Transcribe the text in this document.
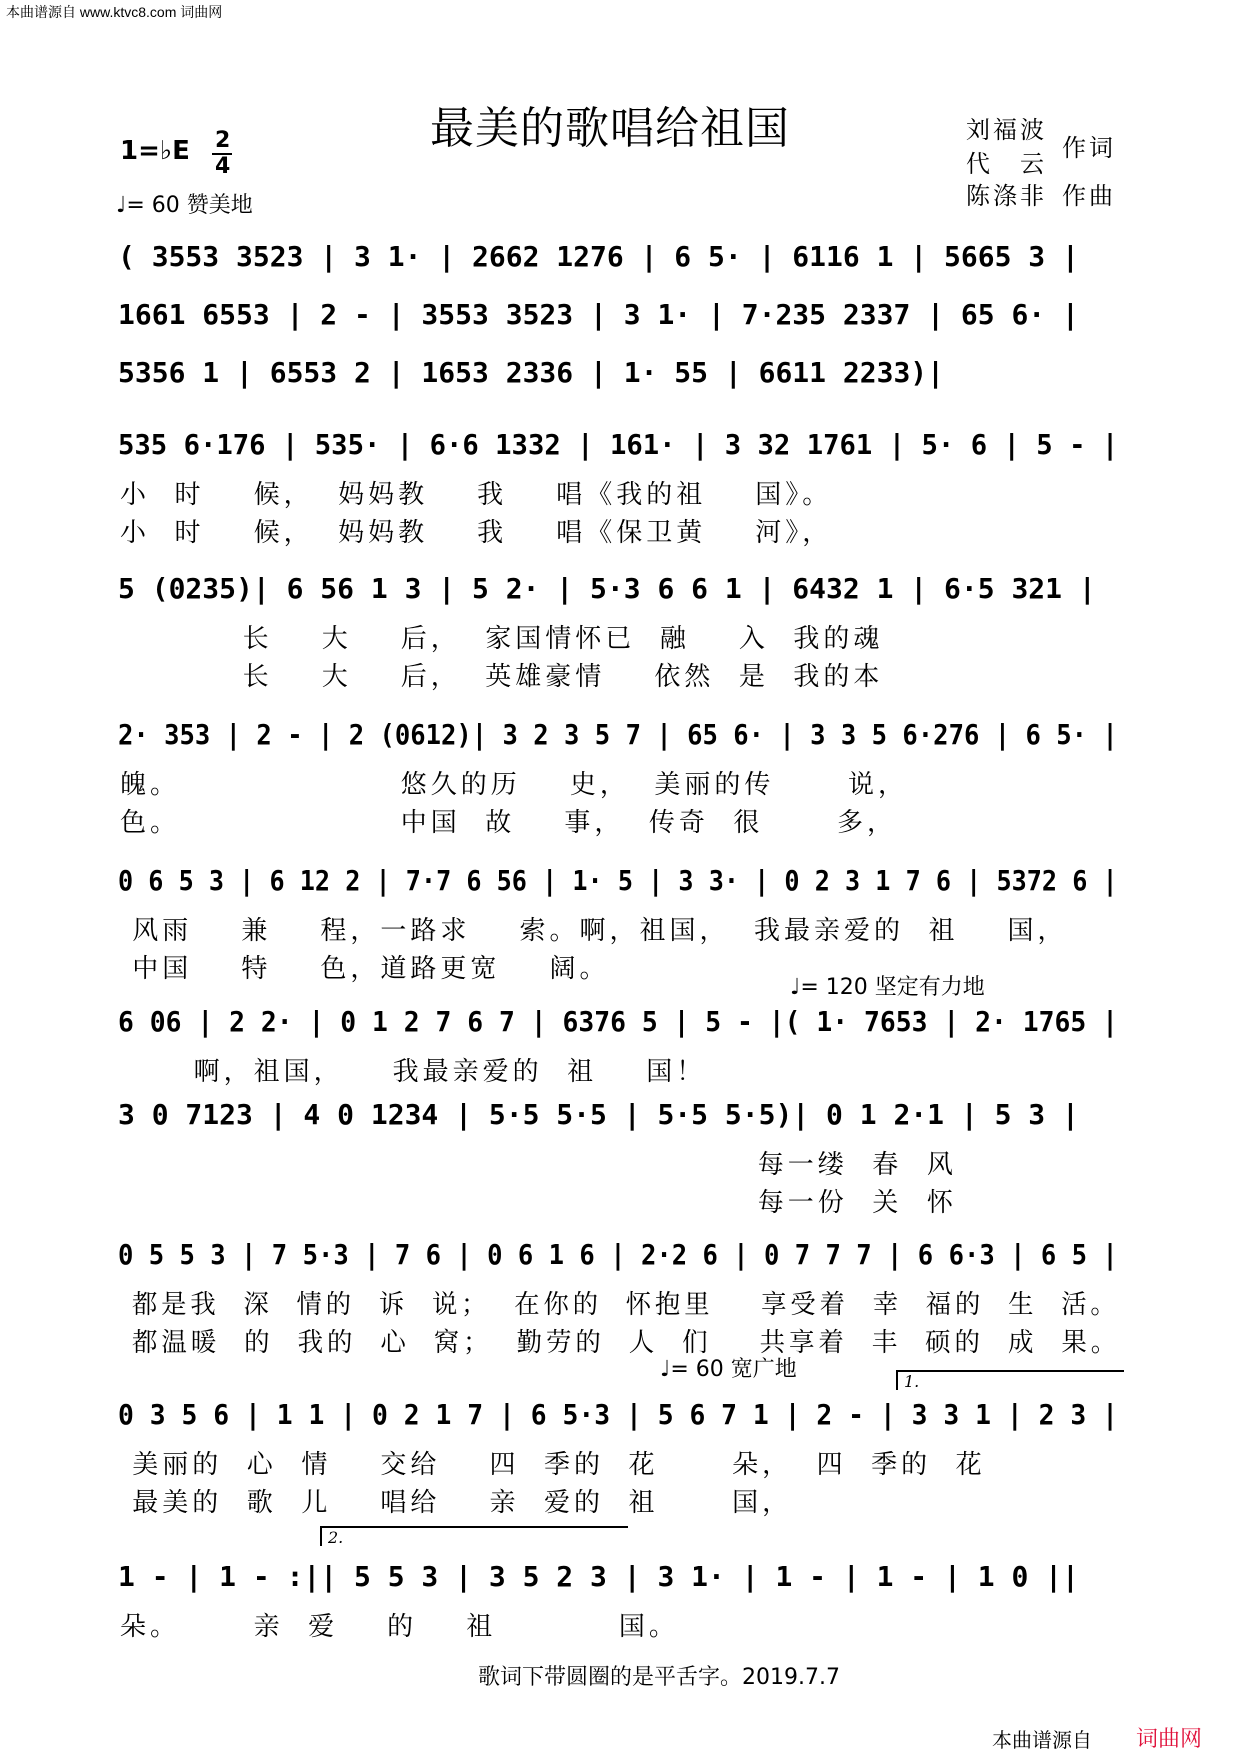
本曲谱源自 www.ktvc8.com 词曲网
最美的歌唱给祖国	刘福波
代　云
作词
陈涤非 作曲
1=♭E 2
4
♩= 60 赞美地
( 3553 3523 | 3 1· | 2662 1276 | 6 5· | 6116 1 | 5665 3 |
1661 6553 | 2 - | 3553 3523 | 3 1· | 7·235 2337 | 65 6· |
5356 1 | 6553 2 | 1653 2336 | 1· 55 | 6611 2233)|
535 6·176 | 535· | 6·6 1332 | 161· | 3 32 1761 | 5· 6 | 5 - |
小  时    候，  妈妈教    我    唱《我的祖    国》。
小  时    候，  妈妈教    我    唱《保卫黄    河》，
5 (0235)| 6 56 1 3 | 5 2· | 5·3 6 6 1 | 6432 1 | 6·5 321 |
长    大    后，  家国情怀已  融    入  我的魂
长    大    后，  英雄豪情    依然  是  我的本
2· 353 | 2 - | 2 (0612)| 3 2 3 5 7 | 65 6· | 3 3 5 6·276 | 6 5· |
魄。                  悠久的历    史，  美丽的传      说，
色。                  中国  故    事，  传奇  很      多，
0 6 5 3 | 6 12 2 | 7·7 6 56 | 1· 5 | 3 3· | 0 2 3 1 7 6 | 5372 6 |
风雨    兼    程，一路求    索。啊，祖国，  我最亲爱的  祖    国，
中国    特    色，道路更宽    阔。
6 06 | 2 2· | 0 1 2 7 6 7 | 6376 5 | 5 - |( 1· 7653 | 2· 1765 |
啊，祖国，    我最亲爱的  祖    国！
3 0 7123 | 4 0 1234 | 5·5 5·5 | 5·5 5·5)| 0 1 2·1 | 5 3 |
每一缕  春  风
每一份  关  怀
0 5 5 3 | 7 5·3 | 7 6 | 0 6 1 6 | 2·2 6 | 0 7 7 7 | 6 6·3 | 6 5 |
都是我  深  情的  诉  说；  在你的  怀抱里    享受着  幸  福的  生  活。
都温暖  的  我的  心  窝；  勤劳的  人  们    共享着  丰  硕的  成  果。
0 3 5 6 | 1 1 | 0 2 1 7 | 6 5·3 | 5 6 7 1 | 2 - | 3 3 1 | 2 3 |
美丽的  心  情    交给    四  季的  花      朵，  四  季的  花
最美的  歌  儿    唱给    亲  爱的  祖      国，
1 - | 1 - :|| 5 5 3 | 3 5 2 3 | 3 1· | 1 - | 1 - | 1 0 ||
朵。      亲  爱    的    祖          国。
♩= 120 坚定有力地
♩= 60 宽广地	1.
2.
歌词下带圆圈的是平舌字。2019.7.7
本曲谱源自 词曲网
